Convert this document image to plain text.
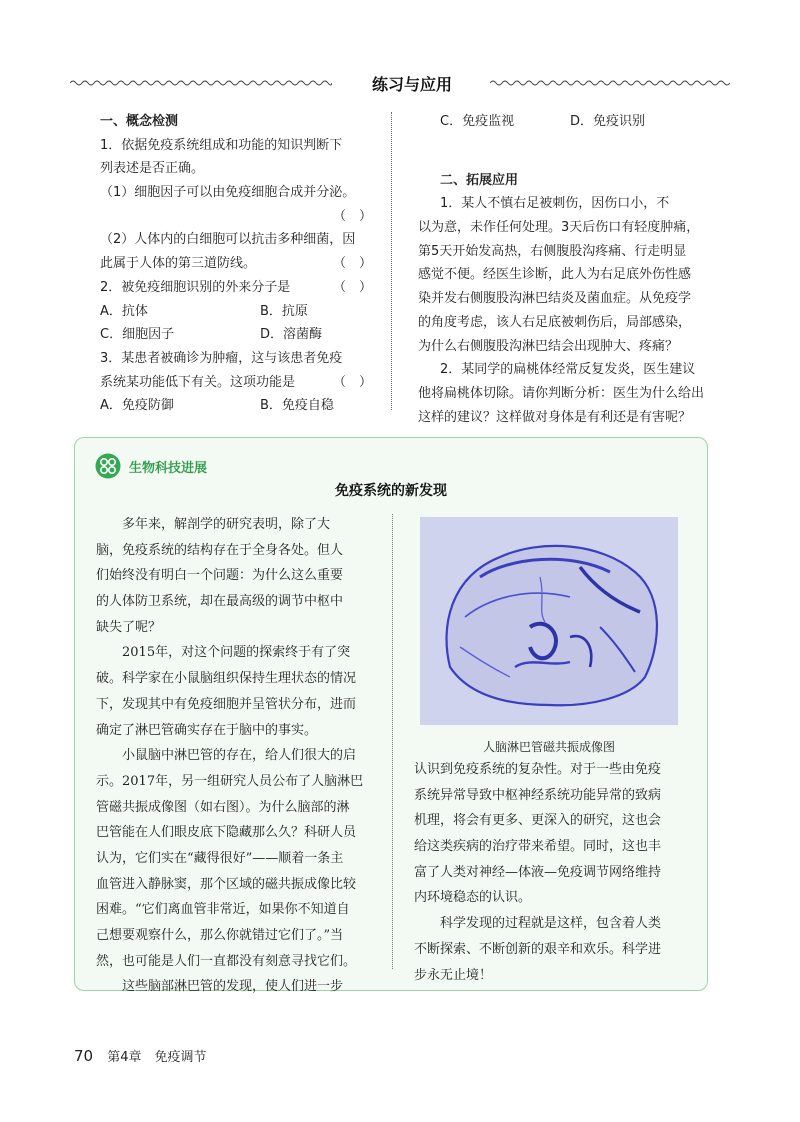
练习与应用
一、概念检测
1．依据免疫系统组成和功能的知识判断下
列表述是否正确。
（1）细胞因子可以由免疫细胞合成并分泌。
（　）
（2）人体内的白细胞可以抗击多种细菌，因
此属于人体的第三道防线。	（　）
2．被免疫细胞识别的外来分子是	（　）
A．抗体	B．抗原
C．细胞因子	D．溶菌酶
3．某患者被确诊为肿瘤，这与该患者免疫
系统某功能低下有关。这项功能是	（　）
A．免疫防御	B．免疫自稳
C．免疫监视	D．免疫识别
二、拓展应用
1．某人不慎右足被刺伤，因伤口小，不
以为意，未作任何处理。3天后伤口有轻度肿痛，
第5天开始发高热，右侧腹股沟疼痛、行走明显
感觉不便。经医生诊断，此人为右足底外伤性感
染并发右侧腹股沟淋巴结炎及菌血症。从免疫学
的角度考虑，该人右足底被刺伤后，局部感染，
为什么右侧腹股沟淋巴结会出现肿大、疼痛？
2．某同学的扁桃体经常反复发炎，医生建议
他将扁桃体切除。请你判断分析：医生为什么给出
这样的建议？这样做对身体是有利还是有害呢？
生物科技进展
免疫系统的新发现
多年来，解剖学的研究表明，除了大
脑，免疫系统的结构存在于全身各处。但人
们始终没有明白一个问题：为什么这么重要
的人体防卫系统，却在最高级的调节中枢中
缺失了呢？
2015年，对这个问题的探索终于有了突
破。科学家在小鼠脑组织保持生理状态的情况
下，发现其中有免疫细胞并呈管状分布，进而
确定了淋巴管确实存在于脑中的事实。
小鼠脑中淋巴管的存在，给人们很大的启
示。2017年，另一组研究人员公布了人脑淋巴
管磁共振成像图（如右图）。为什么脑部的淋
巴管能在人们眼皮底下隐藏那么久？科研人员
认为，它们实在“藏得很好”——顺着一条主
血管进入静脉窦，那个区域的磁共振成像比较
困难。“它们离血管非常近，如果你不知道自
己想要观察什么，那么你就错过它们了。”当
然，也可能是人们一直都没有刻意寻找它们。
这些脑部淋巴管的发现，使人们进一步
人脑淋巴管磁共振成像图
认识到免疫系统的复杂性。对于一些由免疫
系统异常导致中枢神经系统功能异常的致病
机理，将会有更多、更深入的研究，这也会
给这类疾病的治疗带来希望。同时，这也丰
富了人类对神经—体液—免疫调节网络维持
内环境稳态的认识。
科学发现的过程就是这样，包含着人类
不断探索、不断创新的艰辛和欢乐。科学进
步永无止境！
70 第4章　免疫调节
